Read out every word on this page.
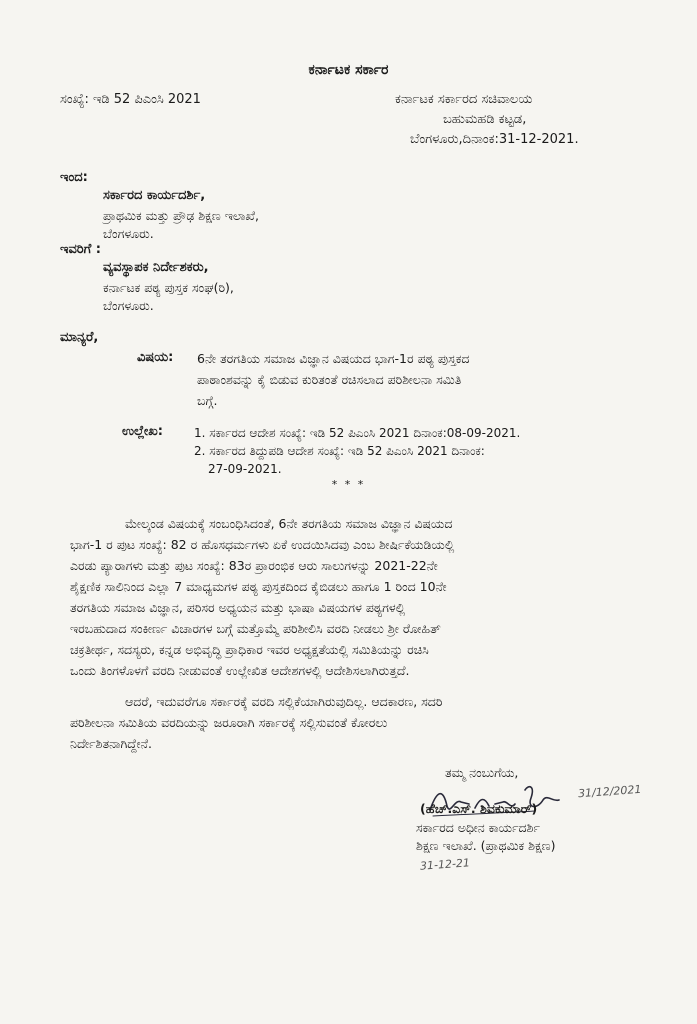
ಕರ್ನಾಟಕ ಸರ್ಕಾರ
ಸಂಖ್ಯೆ: ಇಡಿ 52 ಪಿಎಂಸಿ 2021	ಕರ್ನಾಟಕ ಸರ್ಕಾರದ ಸಚಿವಾಲಯ
ಬಹುಮಹಡಿ ಕಟ್ಟಡ,
ಬೆಂಗಳೂರು,ದಿನಾಂಕ:31-12-2021.
ಇಂದ:
ಸರ್ಕಾರದ ಕಾರ್ಯದರ್ಶಿ,
ಪ್ರಾಥಮಿಕ ಮತ್ತು ಪ್ರೌಢ ಶಿಕ್ಷಣ ಇಲಾಖೆ,
ಬೆಂಗಳೂರು.
ಇವರಿಗೆ :
ವ್ಯವಸ್ಥಾಪಕ ನಿರ್ದೇಶಕರು,
ಕರ್ನಾಟಕ ಪಠ್ಯ ಪುಸ್ತಕ ಸಂಘ(ರಿ),
ಬೆಂಗಳೂರು.
ಮಾನ್ಯರೆ,
ವಿಷಯ: 6ನೇ ತರಗತಿಯ ಸಮಾಜ ವಿಜ್ಞಾನ ವಿಷಯದ ಭಾಗ-1ರ ಪಠ್ಯ ಪುಸ್ತಕದ
ಪಾಠಾಂಶವನ್ನು ಕೈ ಬಿಡುವ ಕುರಿತಂತೆ ರಚಿಸಲಾದ ಪರಿಶೀಲನಾ ಸಮಿತಿ
ಬಗ್ಗೆ.
ಉಲ್ಲೇಖ:	1. ಸರ್ಕಾರದ ಆದೇಶ ಸಂಖ್ಯೆ: ಇಡಿ 52 ಪಿಎಂಸಿ 2021 ದಿನಾಂಕ:08-09-2021.
2. ಸರ್ಕಾರದ ತಿದ್ದುಪಡಿ ಆದೇಶ ಸಂಖ್ಯೆ: ಇಡಿ 52 ಪಿಎಂಸಿ 2021 ದಿನಾಂಕ:
27-09-2021.
* * *
ಮೇಲ್ಕಂಡ ವಿಷಯಕ್ಕೆ ಸಂಬಂಧಿಸಿದಂತೆ, 6ನೇ ತರಗತಿಯ ಸಮಾಜ ವಿಜ್ಞಾನ ವಿಷಯದ
ಭಾಗ-1 ರ ಪುಟ ಸಂಖ್ಯೆ: 82 ರ ಹೊಸಧರ್ಮಗಳು ಏಕೆ ಉದಯಿಸಿದವು ಎಂಬ ಶೀರ್ಷಿಕೆಯಡಿಯಲ್ಲಿ
ಎರಡು ಪ್ಯಾರಾಗಳು ಮತ್ತು ಪುಟ ಸಂಖ್ಯೆ: 83ರ ಪ್ರಾರಂಭಿಕ ಆರು ಸಾಲುಗಳನ್ನು 2021-22ನೇ
ಶೈಕ್ಷಣಿಕ ಸಾಲಿನಿಂದ ಎಲ್ಲಾ 7 ಮಾಧ್ಯಮಗಳ ಪಠ್ಯ ಪುಸ್ತಕದಿಂದ ಕೈಬಿಡಲು ಹಾಗೂ 1 ರಿಂದ 10ನೇ
ತರಗತಿಯ ಸಮಾಜ ವಿಜ್ಞಾನ, ಪರಿಸರ ಅಧ್ಯಯನ ಮತ್ತು ಭಾಷಾ ವಿಷಯಗಳ ಪಠ್ಯಗಳಲ್ಲಿ
ಇರಬಹುದಾದ ಸಂಕೀರ್ಣ ವಿಚಾರಗಳ ಬಗ್ಗೆ ಮತ್ತೊಮ್ಮೆ ಪರಿಶೀಲಿಸಿ ವರದಿ ನೀಡಲು ಶ್ರೀ ರೋಹಿತ್
ಚಕ್ರತೀರ್ಥ, ಸದಸ್ಯರು, ಕನ್ನಡ ಅಭಿವೃದ್ಧಿ ಪ್ರಾಧಿಕಾರ ಇವರ ಅಧ್ಯಕ್ಷತೆಯಲ್ಲಿ ಸಮಿತಿಯನ್ನು ರಚಿಸಿ
ಒಂದು ತಿಂಗಳೊಳಗೆ ವರದಿ ನೀಡುವಂತೆ ಉಲ್ಲೇಖಿತ ಆದೇಶಗಳಲ್ಲಿ ಆದೇಶಿಸಲಾಗಿರುತ್ತದೆ.
ಆದರೆ, ಇದುವರೆಗೂ ಸರ್ಕಾರಕ್ಕೆ ವರದಿ ಸಲ್ಲಿಕೆಯಾಗಿರುವುದಿಲ್ಲ. ಆದಕಾರಣ, ಸದರಿ
ಪರಿಶೀಲನಾ ಸಮಿತಿಯ ವರದಿಯನ್ನು ಜರೂರಾಗಿ ಸರ್ಕಾರಕ್ಕೆ ಸಲ್ಲಿಸುವಂತೆ ಕೋರಲು
ನಿರ್ದೇಶಿತನಾಗಿದ್ದೇನೆ.
ತಮ್ಮ ನಂಬುಗೆಯ,
31/12/2021
(ಹೆಚ್.ಎಸ್. ಶಿವಕುಮಾರ್)
ಸರ್ಕಾರದ ಅಧೀನ ಕಾರ್ಯದರ್ಶಿ
ಶಿಕ್ಷಣ ಇಲಾಖೆ. (ಪ್ರಾಥಮಿಕ ಶಿಕ್ಷಣ)
31-12-21
